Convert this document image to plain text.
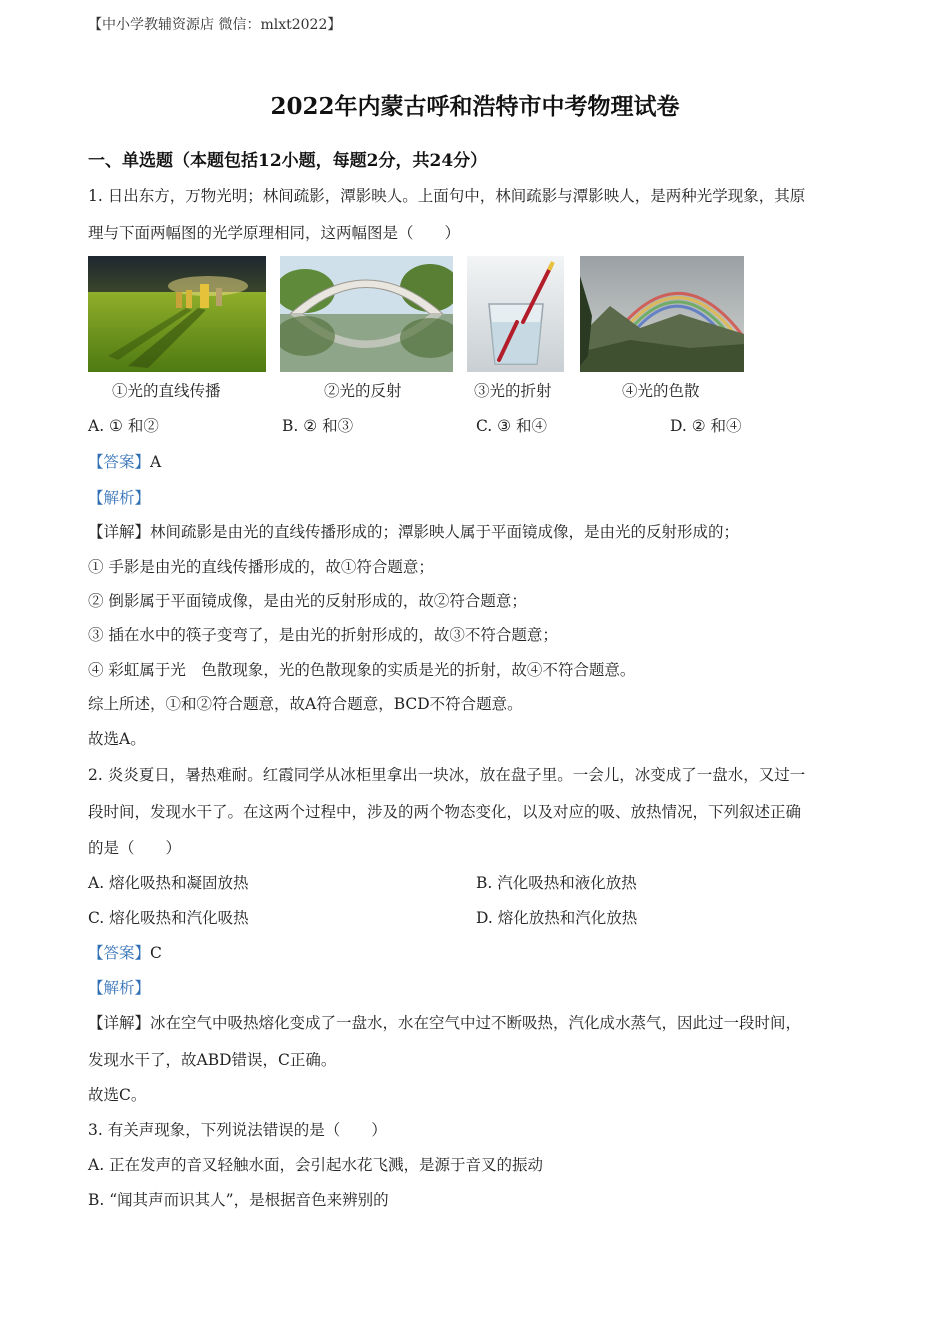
【中小学教辅资源店 微信：mlxt2022】
2022年内蒙古呼和浩特市中考物理试卷
一、单选题（本题包括12小题，每题2分，共24分）
1. 日出东方，万物光明；林间疏影，潭影映人。上面句中，林间疏影与潭影映人，是两种光学现象，其原
理与下面两幅图的光学原理相同，这两幅图是（　　）
①光的直线传播	②光的反射	③光的折射	④光的色散
A. ① 和②	B. ② 和③	C. ③ 和④	D. ② 和④
【答案】A
【解析】
【详解】林间疏影是由光的直线传播形成的；潭影映人属于平面镜成像，是由光的反射形成的；
① 手影是由光的直线传播形成的，故①符合题意；
② 倒影属于平面镜成像，是由光的反射形成的，故②符合题意；
③ 插在水中的筷子变弯了，是由光的折射形成的，故③不符合题意；
④ 彩虹属于光　色散现象，光的色散现象的实质是光的折射，故④不符合题意。
综上所述，①和②符合题意，故A符合题意，BCD不符合题意。
故选A。
2. 炎炎夏日，暑热难耐。红霞同学从冰柜里拿出一块冰，放在盘子里。一会儿，冰变成了一盘水，又过一
段时间，发现水干了。在这两个过程中，涉及的两个物态变化，以及对应的吸、放热情况，下列叙述正确
的是（　　）
A. 熔化吸热和凝固放热	B. 汽化吸热和液化放热
C. 熔化吸热和汽化吸热	D. 熔化放热和汽化放热
【答案】C
【解析】
【详解】冰在空气中吸热熔化变成了一盘水，水在空气中过不断吸热，汽化成水蒸气，因此过一段时间，
发现水干了，故ABD错误，C正确。
故选C。
3. 有关声现象，下列说法错误的是（　　）
A. 正在发声的音叉轻触水面，会引起水花飞溅，是源于音叉的振动
B. “闻其声而识其人”，是根据音色来辨别的
